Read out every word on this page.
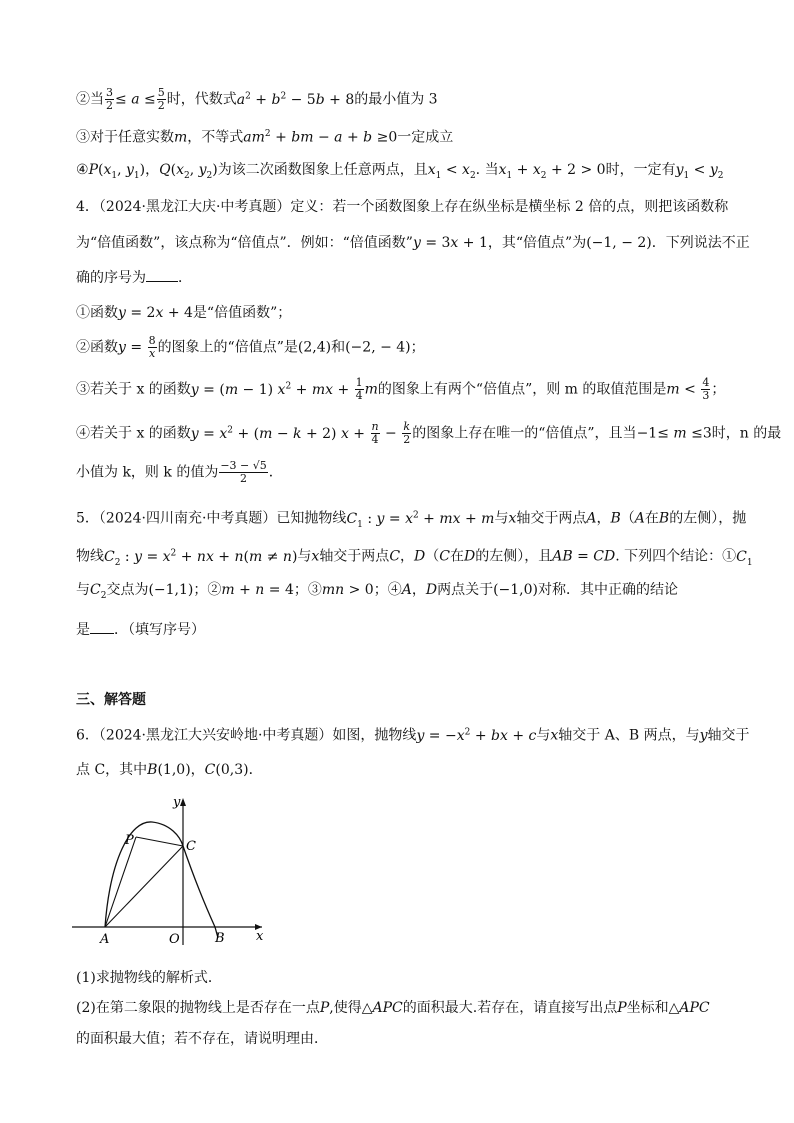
②当 $\frac{3}{2} \le a \le \frac{5}{2}$ 时，代数式$a^2 + b^2 - 5b + 8$的最小值为 3
③对于任意实数m，不等式$am^2$ + bm − a + b ≥0一定成立
$④P(x_1$, $y_1$)，$Q(x_2$, $y_2$)为该二次函数图象上任意两点，且$x_1 < x_2$. 当$x_1 + x_2 + 2 > 0$时，一定有$y_1 < y_2$
4．（2024·黑龙江大庆·中考真题）定义：若一个函数图象上存在纵坐标是横坐标 2 倍的点，则把该函数称
为“倍值函数”，该点称为“倍值点”．例如：“倍值函数”y = 3x + 1，其“倍值点”为(−1, − 2)．下列说法不正
确的序号为 ．
①函数y = 2x + 4是“倍值函数”；
②函数$y = \frac{8}{x}$ 的图象上的“倍值点”是(2,4)和(−2, − 4)；
③若关于 x 的函数y = (m − 1) $x^2$ + mx + $\frac{1}{4}$ m的图象上有两个“倍值点”，则 m 的取值范围是$m < \frac{4}{3}$ ；
④若关于 x 的函数$y = x^2 + (m - k + 2) x + \frac{n}{4} - \frac{k}{2}$ 的图象上存在唯一的“倍值点”，且当−1≤ m ≤3时，n 的最
小值为 k，则 k 的值为 $\frac{-3 - √5}{2}$ ．
5．（2024·四川南充·中考真题）已知抛物线$C_1$ : $y = x^2$ + mx + m与x轴交于两点A，B（A在B的左侧），抛
物线$C_2$ : $y = x^2$ + nx + n(m ≠ n)与x轴交于两点C，D（C在D的左侧），且AB = CD. 下列四个结论：$①C_1$
与$C_2$交点为(−1,1)；②m + n = 4；③mn > 0；④A，D两点关于(−1,0)对称．其中正确的结论
是 ．（填写序号）
三、解答题
6．（2024·黑龙江大兴安岭地·中考真题）如图，抛物线$y = -x^2$ + bx + c与x轴交于 A、B 两点，与y轴交于
点 C，其中B(1,0)，C(0,3)．
y
x
P	C
A	O	B
(1)求抛物线的解析式．
(2)在第二象限的抛物线上是否存在一点P,使得△APC的面积最大.若存在，请直接写出点P坐标和△APC
的面积最大值；若不存在，请说明理由．
